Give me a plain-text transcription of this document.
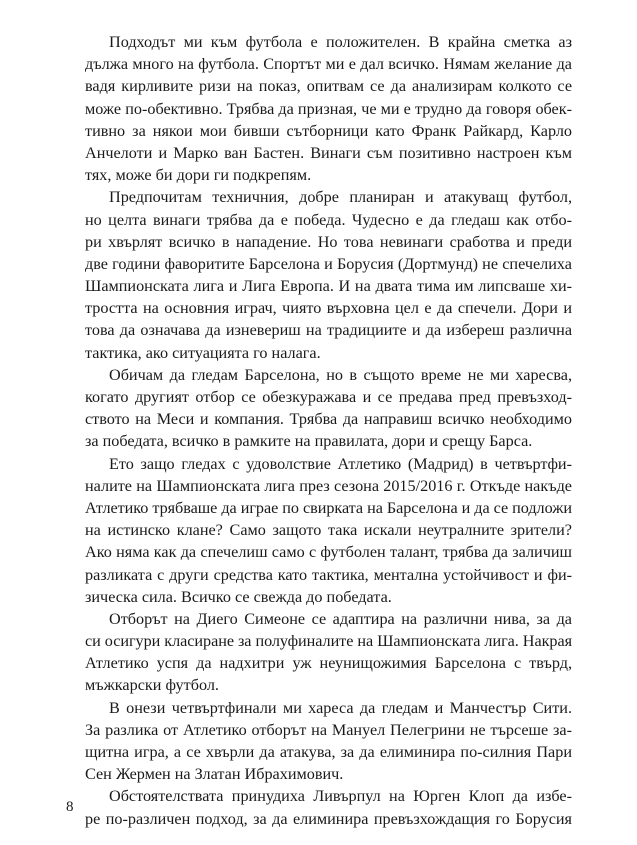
Подходът ми към футбола е положителен. В крайна сметка аз
дължа много на футбола. Спортът ми е дал всичко. Нямам желание да
вадя кирливите ризи на показ, опитвам се да анализирам колкото се
може по-обективно. Трябва да призная, че ми е трудно да говоря обек-
тивно за някои мои бивши сътборници като Франк Райкард, Карло
Анчелоти и Марко ван Бастен. Винаги съм позитивно настроен към
тях, може би дори ги подкрепям.
Предпочитам техничния, добре планиран и атакуващ футбол,
но целта винаги трябва да е победа. Чудесно е да гледаш как отбо-
ри хвърлят всичко в нападение. Но това невинаги сработва и преди
две години фаворитите Барселона и Борусия (Дортмунд) не спечелиха
Шампионската лига и Лига Европа. И на двата тима им липсваше хи-
тростта на основния играч, чиято върховна цел е да спечели. Дори и
това да означава да изневериш на традициите и да избереш различна
тактика, ако ситуацията го налага.
Обичам да гледам Барселона, но в същото време не ми харесва,
когато другият отбор се обезкуражава и се предава пред превъзход-
ството на Меси и компания. Трябва да направиш всичко необходимо
за победата, всичко в рамките на правилата, дори и срещу Барса.
Ето защо гледах с удоволствие Атлетико (Мадрид) в четвъртфи-
налите на Шампионската лига през сезона 2015/2016 г. Откъде накъде
Атлетико трябваше да играе по свирката на Барселона и да се подложи
на истинско клане? Само защото така искали неутралните зрители?
Ако няма как да спечелиш само с футболен талант, трябва да заличиш
разликата с други средства като тактика, ментална устойчивост и фи-
зическа сила. Всичко се свежда до победата.
Отборът на Диего Симеоне се адаптира на различни нива, за да
си осигури класиране за полуфиналите на Шампионската лига. Накрая
Атлетико успя да надхитри уж неунищожимия Барселона с твърд,
мъжкарски футбол.
В онези четвъртфинали ми хареса да гледам и Манчестър Сити.
За разлика от Атлетико отборът на Мануел Пелегрини не търсеше за-
щитна игра, а се хвърли да атакува, за да елиминира по-силния Пари
Сен Жермен на Златан Ибрахимович.
Обстоятелствата принудиха Ливърпул на Юрген Клоп да избе-
ре по-различен подход, за да елиминира превъзхождащия го Борусия
8
